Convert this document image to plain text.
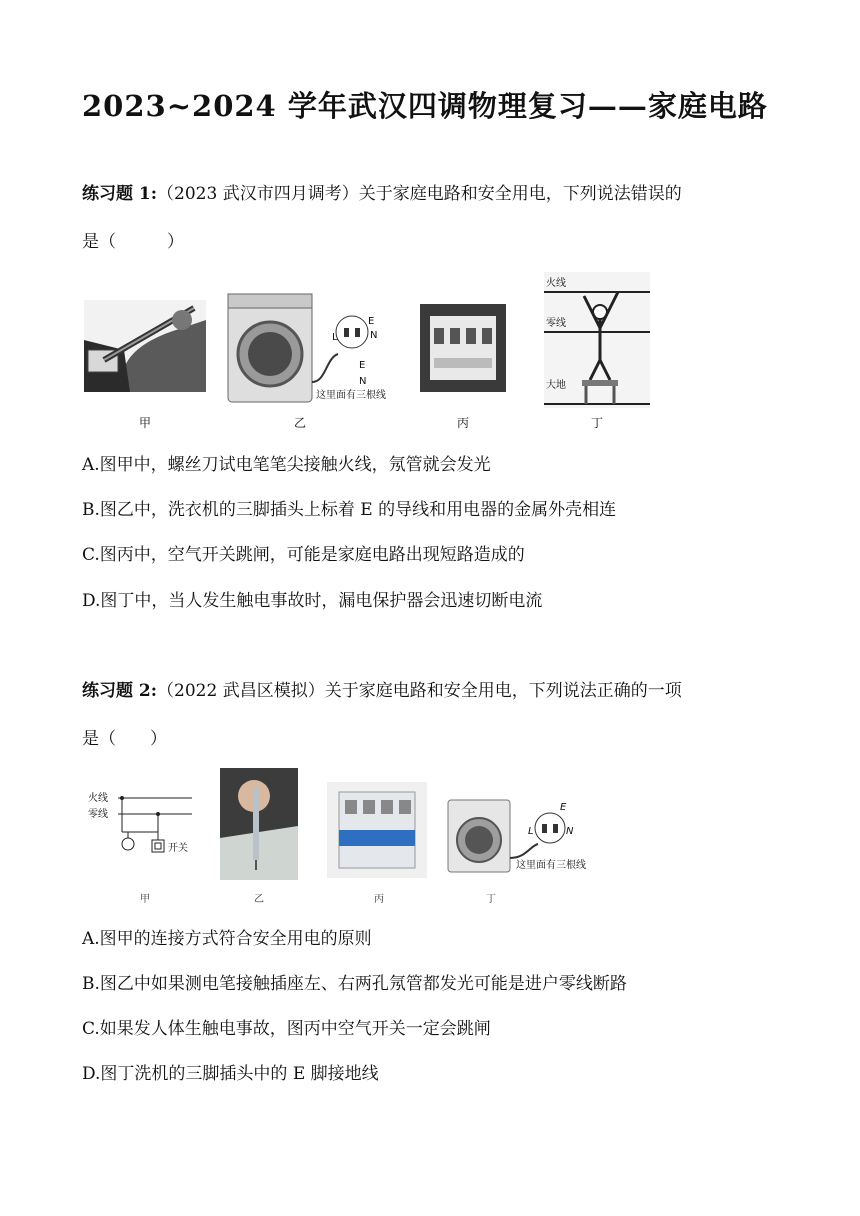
2023~2024 学年武汉四调物理复习——家庭电路
练习题 1:（2023 武汉市四月调考）关于家庭电路和安全用电，下列说法错误的
是（　　　）
甲
L
E
N
E
N
这里面有三根线
乙	丙
火线
零线
大地
丁
A.图甲中，螺丝刀试电笔笔尖接触火线，氖管就会发光
B.图乙中，洗衣机的三脚插头上标着 E 的导线和用电器的金属外壳相连
C.图丙中，空气开关跳闸，可能是家庭电路出现短路造成的
D.图丁中，当人发生触电事故时，漏电保护器会迅速切断电流
练习题 2:（2022 武昌区模拟）关于家庭电路和安全用电，下列说法正确的一项
是（　　）
火线
零线
开关
甲	乙	丙
L
E
N
这里面有三根线
丁
A.图甲的连接方式符合安全用电的原则
B.图乙中如果测电笔接触插座左、右两孔氖管都发光可能是进户零线断路
C.如果发人体生触电事故，图丙中空气开关一定会跳闸
D.图丁洗机的三脚插头中的 E 脚接地线
